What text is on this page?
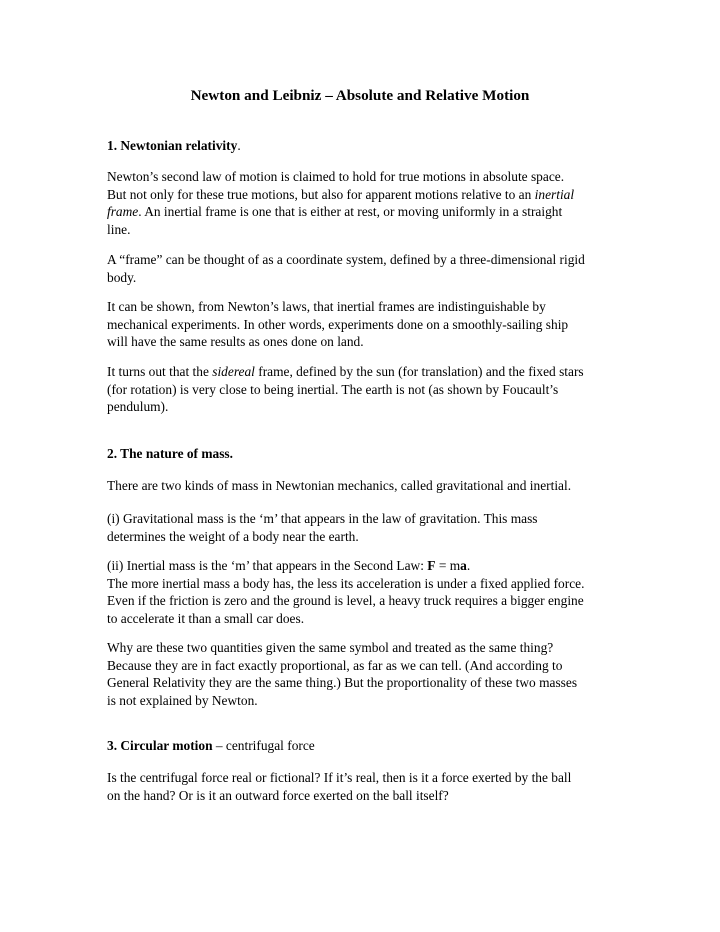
Newton and Leibniz – Absolute and Relative Motion

1. Newtonian relativity.

Newton’s second law of motion is claimed to hold for true motions in absolute space.

But not only for these true motions, but also for apparent motions relative to an inertial

frame. An inertial frame is one that is either at rest, or moving uniformly in a straight

line.

A “frame” can be thought of as a coordinate system, defined by a three-dimensional rigid

body.

It can be shown, from Newton’s laws, that inertial frames are indistinguishable by

mechanical experiments. In other words, experiments done on a smoothly-sailing ship

will have the same results as ones done on land.

It turns out that the sidereal frame, defined by the sun (for translation) and the fixed stars

(for rotation) is very close to being inertial. The earth is not (as shown by Foucault’s

pendulum).

2. The nature of mass.

There are two kinds of mass in Newtonian mechanics, called gravitational and inertial.

(i) Gravitational mass is the ‘m’ that appears in the law of gravitation. This mass

determines the weight of a body near the earth.

(ii) Inertial mass is the ‘m’ that appears in the Second Law: F = ma.

The more inertial mass a body has, the less its acceleration is under a fixed applied force.

Even if the friction is zero and the ground is level, a heavy truck requires a bigger engine

to accelerate it than a small car does.

Why are these two quantities given the same symbol and treated as the same thing?

Because they are in fact exactly proportional, as far as we can tell. (And according to

General Relativity they are the same thing.) But the proportionality of these two masses

is not explained by Newton.

3. Circular motion – centrifugal force

Is the centrifugal force real or fictional? If it’s real, then is it a force exerted by the ball

on the hand? Or is it an outward force exerted on the ball itself?
